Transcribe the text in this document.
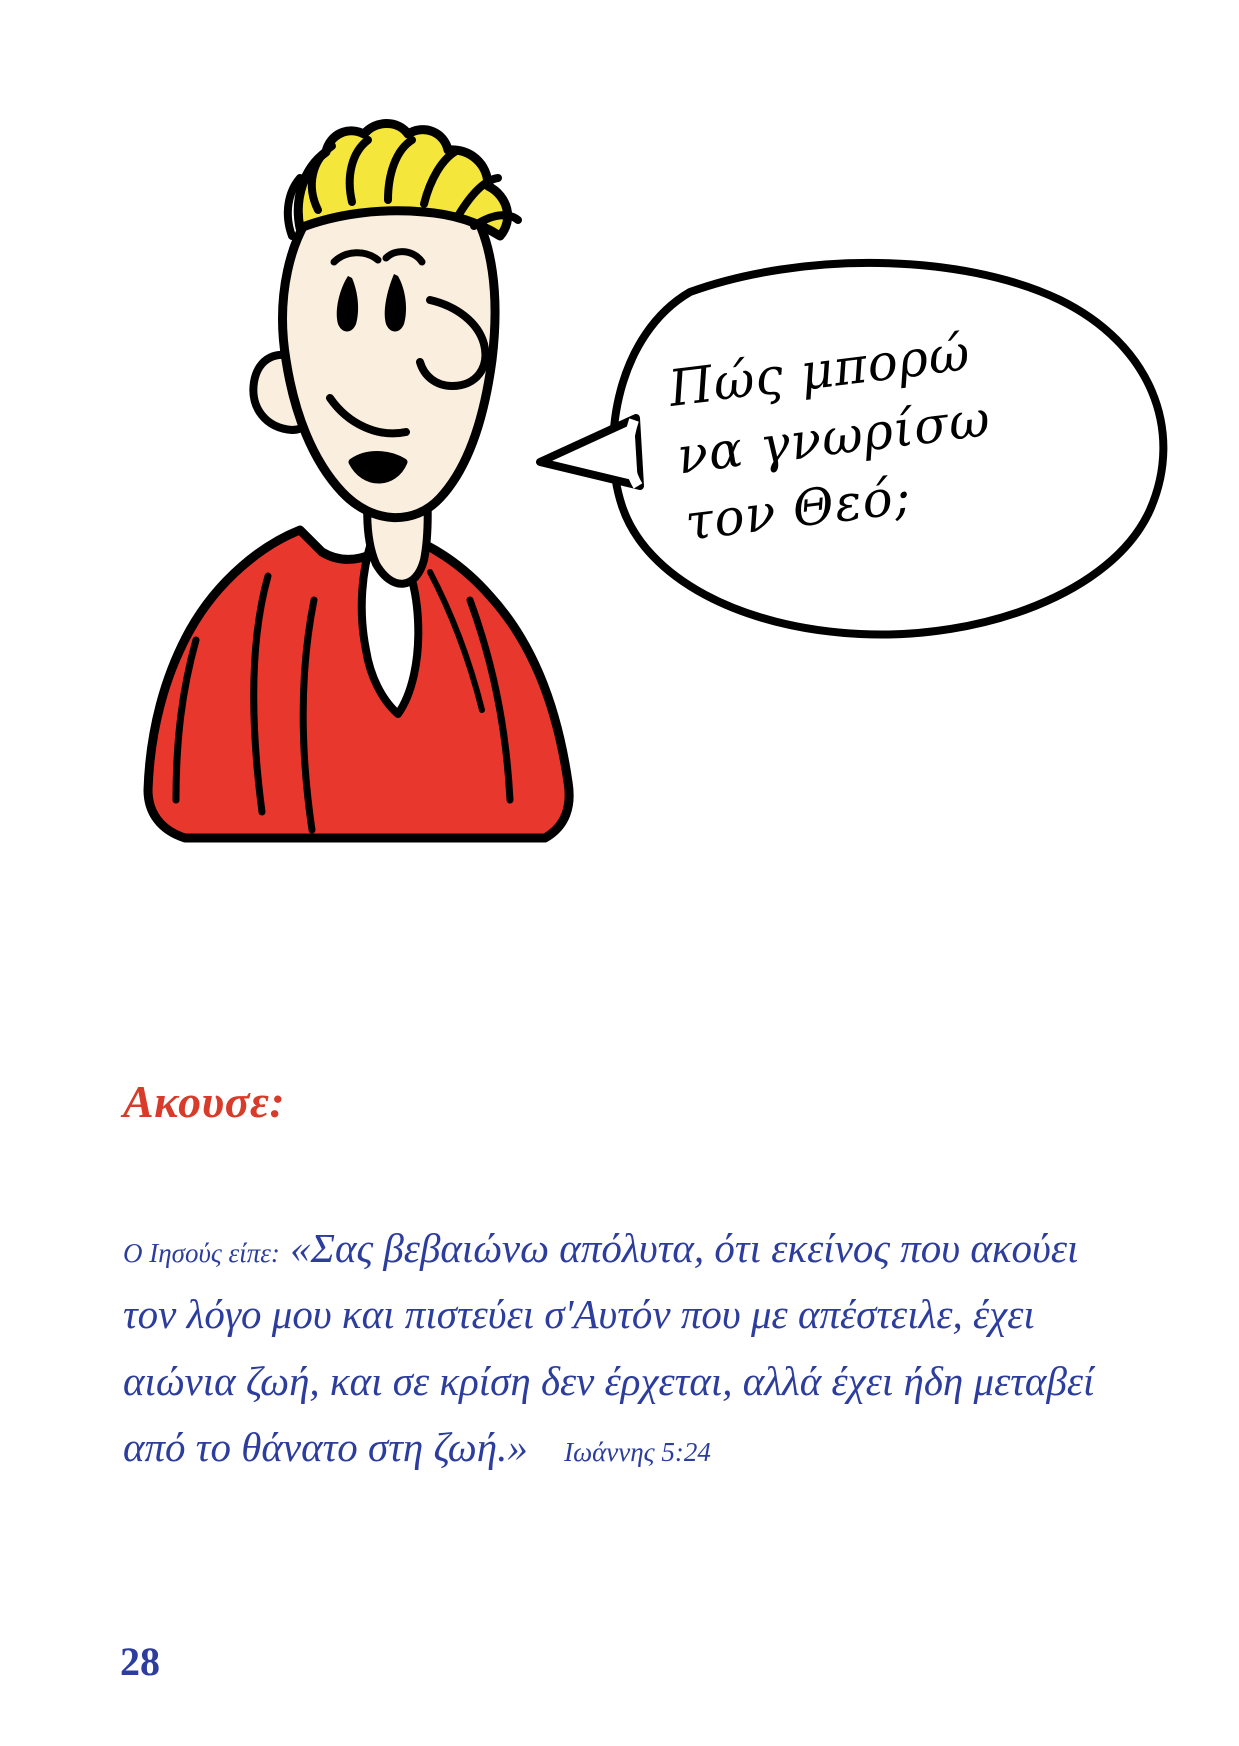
Πώς μπορώ
να γνωρίσω
τον Θεό;
Ακουσε:
Ο Ιησούς είπε: «Σας βεβαιώνω απόλυτα, ότι εκείνος που ακούει τον λόγο μου και πιστεύει σ'Αυτόν που με απέστειλε, έχει αιώνια ζωή, και σε κρίση δεν έρχεται, αλλά έχει ήδη μεταβεί από το θάνατο στη ζωή.» Ιωάννης 5:24
28
